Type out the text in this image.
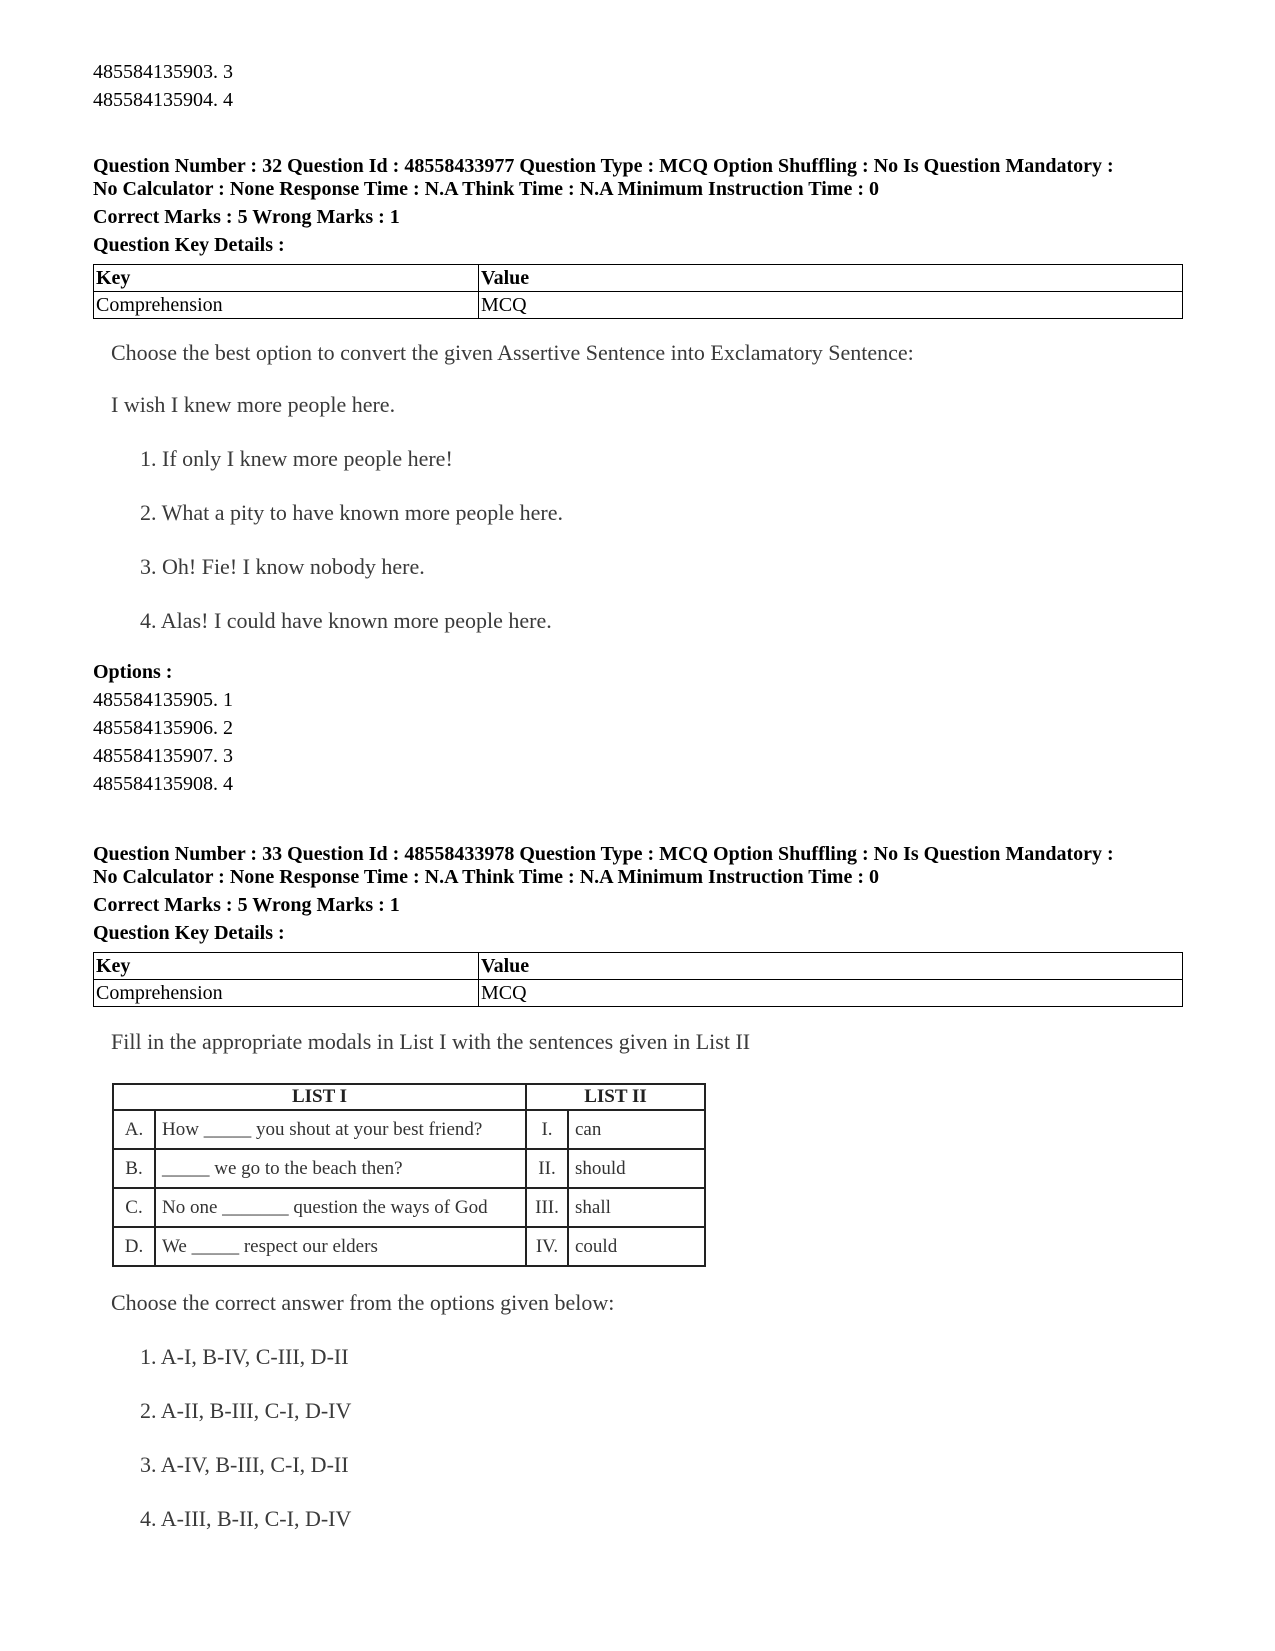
485584135903. 3
485584135904. 4
Question Number : 32 Question Id : 48558433977 Question Type : MCQ Option Shuffling : No Is Question Mandatory :
No Calculator : None Response Time : N.A Think Time : N.A Minimum Instruction Time : 0
Correct Marks : 5 Wrong Marks : 1
Question Key Details :
Key	Value
Comprehension	MCQ
Choose the best option to convert the given Assertive Sentence into Exclamatory Sentence:
I wish I knew more people here.
1. If only I knew more people here!
2. What a pity to have known more people here.
3. Oh! Fie! I know nobody here.
4. Alas! I could have known more people here.
Options :
485584135905. 1
485584135906. 2
485584135907. 3
485584135908. 4
Question Number : 33 Question Id : 48558433978 Question Type : MCQ Option Shuffling : No Is Question Mandatory :
No Calculator : None Response Time : N.A Think Time : N.A Minimum Instruction Time : 0
Correct Marks : 5 Wrong Marks : 1
Question Key Details :
Key	Value
Comprehension	MCQ
Fill in the appropriate modals in List I with the sentences given in List II
LIST I		LIST II	
A.	How _____ you shout at your best friend?	I.	can
B.	_____ we go to the beach then?	II.	should
C.	No one _______ question the ways of God	III.	shall
D.	We _____ respect our elders	IV.	could
Choose the correct answer from the options given below:
1. A-I, B-IV, C-III, D-II
2. A-II, B-III, C-I, D-IV
3. A-IV, B-III, C-I, D-II
4. A-III, B-II, C-I, D-IV
